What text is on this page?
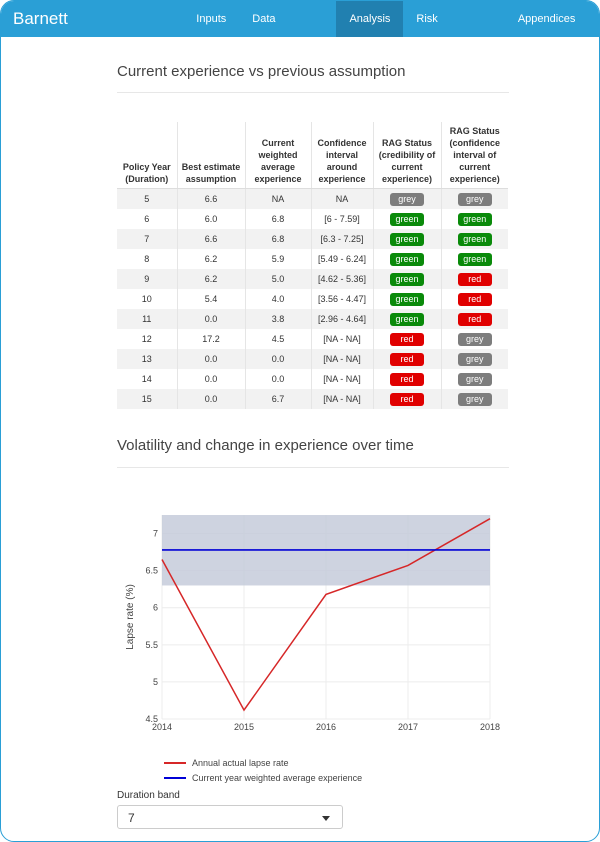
Barnett Waddingham
Inputs	Data summary
Analysis	Risk monitoring
Appendices
Current experience vs previous assumption
Policy Year (Duration)	Best estimate assumption	Current weighted average experience	Confidence interval around experience	RAG Status (credibility of current experience)	RAG Status (confidence interval of current experience)
5	6.6	NA	NA	grey	grey
6	6.0	6.8	[6 - 7.59]	green	green
7	6.6	6.8	[6.3 - 7.25]	green	green
8	6.2	5.9	[5.49 - 6.24]	green	green
9	6.2	5.0	[4.62 - 5.36]	green	red
10	5.4	4.0	[3.56 - 4.47]	green	red
11	0.0	3.8	[2.96 - 4.64]	green	red
12	17.2	4.5	[NA - NA]	red	grey
13	0.0	0.0	[NA - NA]	red	grey
14	0.0	0.0	[NA - NA]	red	grey
15	0.0	6.7	[NA - NA]	red	grey
Volatility and change in experience over time
2014	2015	2016	2017	2018
4.5
5
5.5
6
6.5
7
Lapse rate (%)
Annual actual lapse rate
Current year weighted average experience
Duration band
7
